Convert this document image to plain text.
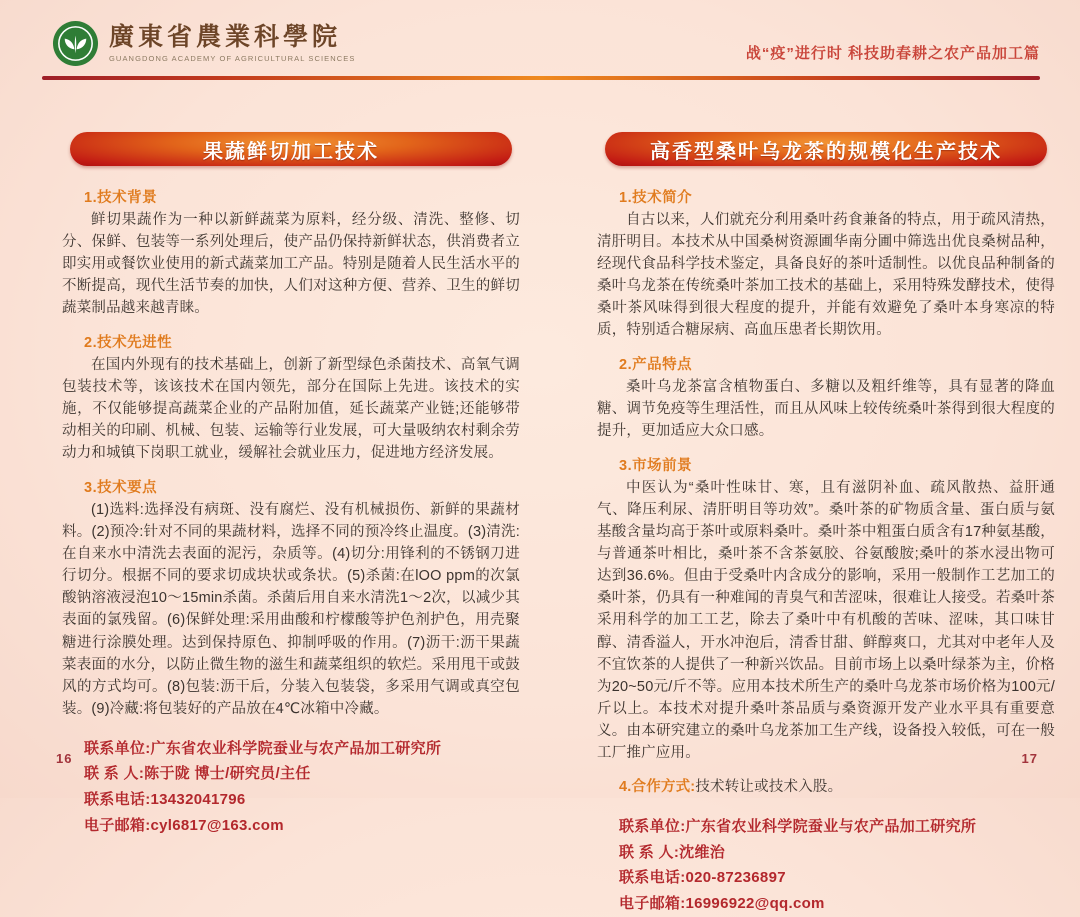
廣東省農業科學院
GUANGDONG ACADEMY OF AGRICULTURAL SCIENCES	战“疫”进行时 科技助春耕之农产品加工篇
果蔬鲜切加工技术
1.技术背景

鲜切果蔬作为一种以新鲜蔬菜为原料，经分级、清洗、整修、切分、保鲜、包装等一系列处理后，使产品仍保持新鲜状态，供消费者立即实用或餐饮业使用的新式蔬菜加工产品。特别是随着人民生活水平的不断提高，现代生活节奏的加快，人们对这种方便、营养、卫生的鲜切蔬菜制品越来越青睐。

2.技术先进性

在国内外现有的技术基础上，创新了新型绿色杀菌技术、高氧气调包装技术等，该该技术在国内领先，部分在国际上先进。该技术的实施，不仅能够提高蔬菜企业的产品附加值，延长蔬菜产业链;还能够带动相关的印刷、机械、包装、运输等行业发展，可大量吸纳农村剩余劳动力和城镇下岗职工就业，缓解社会就业压力，促进地方经济发展。

3.技术要点

(1)选料:选择没有病斑、没有腐烂、没有机械损伤、新鲜的果蔬材料。(2)预冷:针对不同的果蔬材料，选择不同的预冷终止温度。(3)清洗:在自来水中清洗去表面的泥污，杂质等。(4)切分:用锋利的不锈钢刀进行切分。根据不同的要求切成块状或条状。(5)杀菌:在lOO ppm的次氯酸钠溶液浸泡10～15min杀菌。杀菌后用自来水清洗1～2次，以减少其表面的氯残留。(6)保鲜处理:采用曲酸和柠檬酸等护色剂护色，用壳聚糖进行涂膜处理。达到保持原色、抑制呼吸的作用。(7)沥干:沥干果蔬菜表面的水分，以防止微生物的滋生和蔬菜组织的软烂。采用甩干或鼓风的方式均可。(8)包装:沥干后，分装入包装袋，多采用气调或真空包装。(9)冷藏:将包装好的产品放在4℃冰箱中冷藏。

联系单位:广东省农业科学院蚕业与农产品加工研究所
联 系 人:陈于陇 博士/研究员/主任
联系电话:13432041796
电子邮箱:cyl6817@163.com
高香型桑叶乌龙茶的规模化生产技术
1.技术简介

自古以来，人们就充分利用桑叶药食兼备的特点，用于疏风清热，清肝明目。本技术从中国桑树资源圃华南分圃中筛选出优良桑树品种，经现代食品科学技术鉴定，具备良好的茶叶适制性。以优良品种制备的桑叶乌龙茶在传统桑叶茶加工技术的基础上，采用特殊发酵技术，使得桑叶茶风味得到很大程度的提升，并能有效避免了桑叶本身寒凉的特质，特别适合糖尿病、高血压患者长期饮用。

2.产品特点

桑叶乌龙茶富含植物蛋白、多糖以及粗纤维等，具有显著的降血糖、调节免疫等生理活性，而且从风味上较传统桑叶茶得到很大程度的提升，更加适应大众口感。

3.市场前景

中医认为“桑叶性味甘、寒，且有滋阴补血、疏风散热、益肝通气、降压利尿、清肝明目等功效”。桑叶茶的矿物质含量、蛋白质与氨基酸含量均高于茶叶或原料桑叶。桑叶茶中粗蛋白质含有17种氨基酸，与普通茶叶相比，桑叶茶不含茶氨胶、谷氨酸胺;桑叶的茶水浸出物可达到36.6%。但由于受桑叶内含成分的影响，采用一般制作工艺加工的桑叶茶，仍具有一种难闻的青臭气和苦涩味，很难让人接受。若桑叶茶采用科学的加工工艺，除去了桑叶中有机酸的苦味、涩味，其口味甘醇、清香溢人，开水冲泡后，清香甘甜、鲜醇爽口，尤其对中老年人及不宜饮茶的人提供了一种新兴饮品。目前市场上以桑叶绿茶为主，价格为20~50元/斤不等。应用本技术所生产的桑叶乌龙茶市场价格为100元/斤以上。本技术对提升桑叶茶品质与桑资源开发产业水平具有重要意义。由本研究建立的桑叶乌龙茶加工生产线，设备投入较低，可在一般工厂推广应用。

4.合作方式:技术转让或技术入股。

联系单位:广东省农业科学院蚕业与农产品加工研究所
联 系 人:沈维治
联系电话:020-87236897
电子邮箱:16996922@qq.com
16	17
